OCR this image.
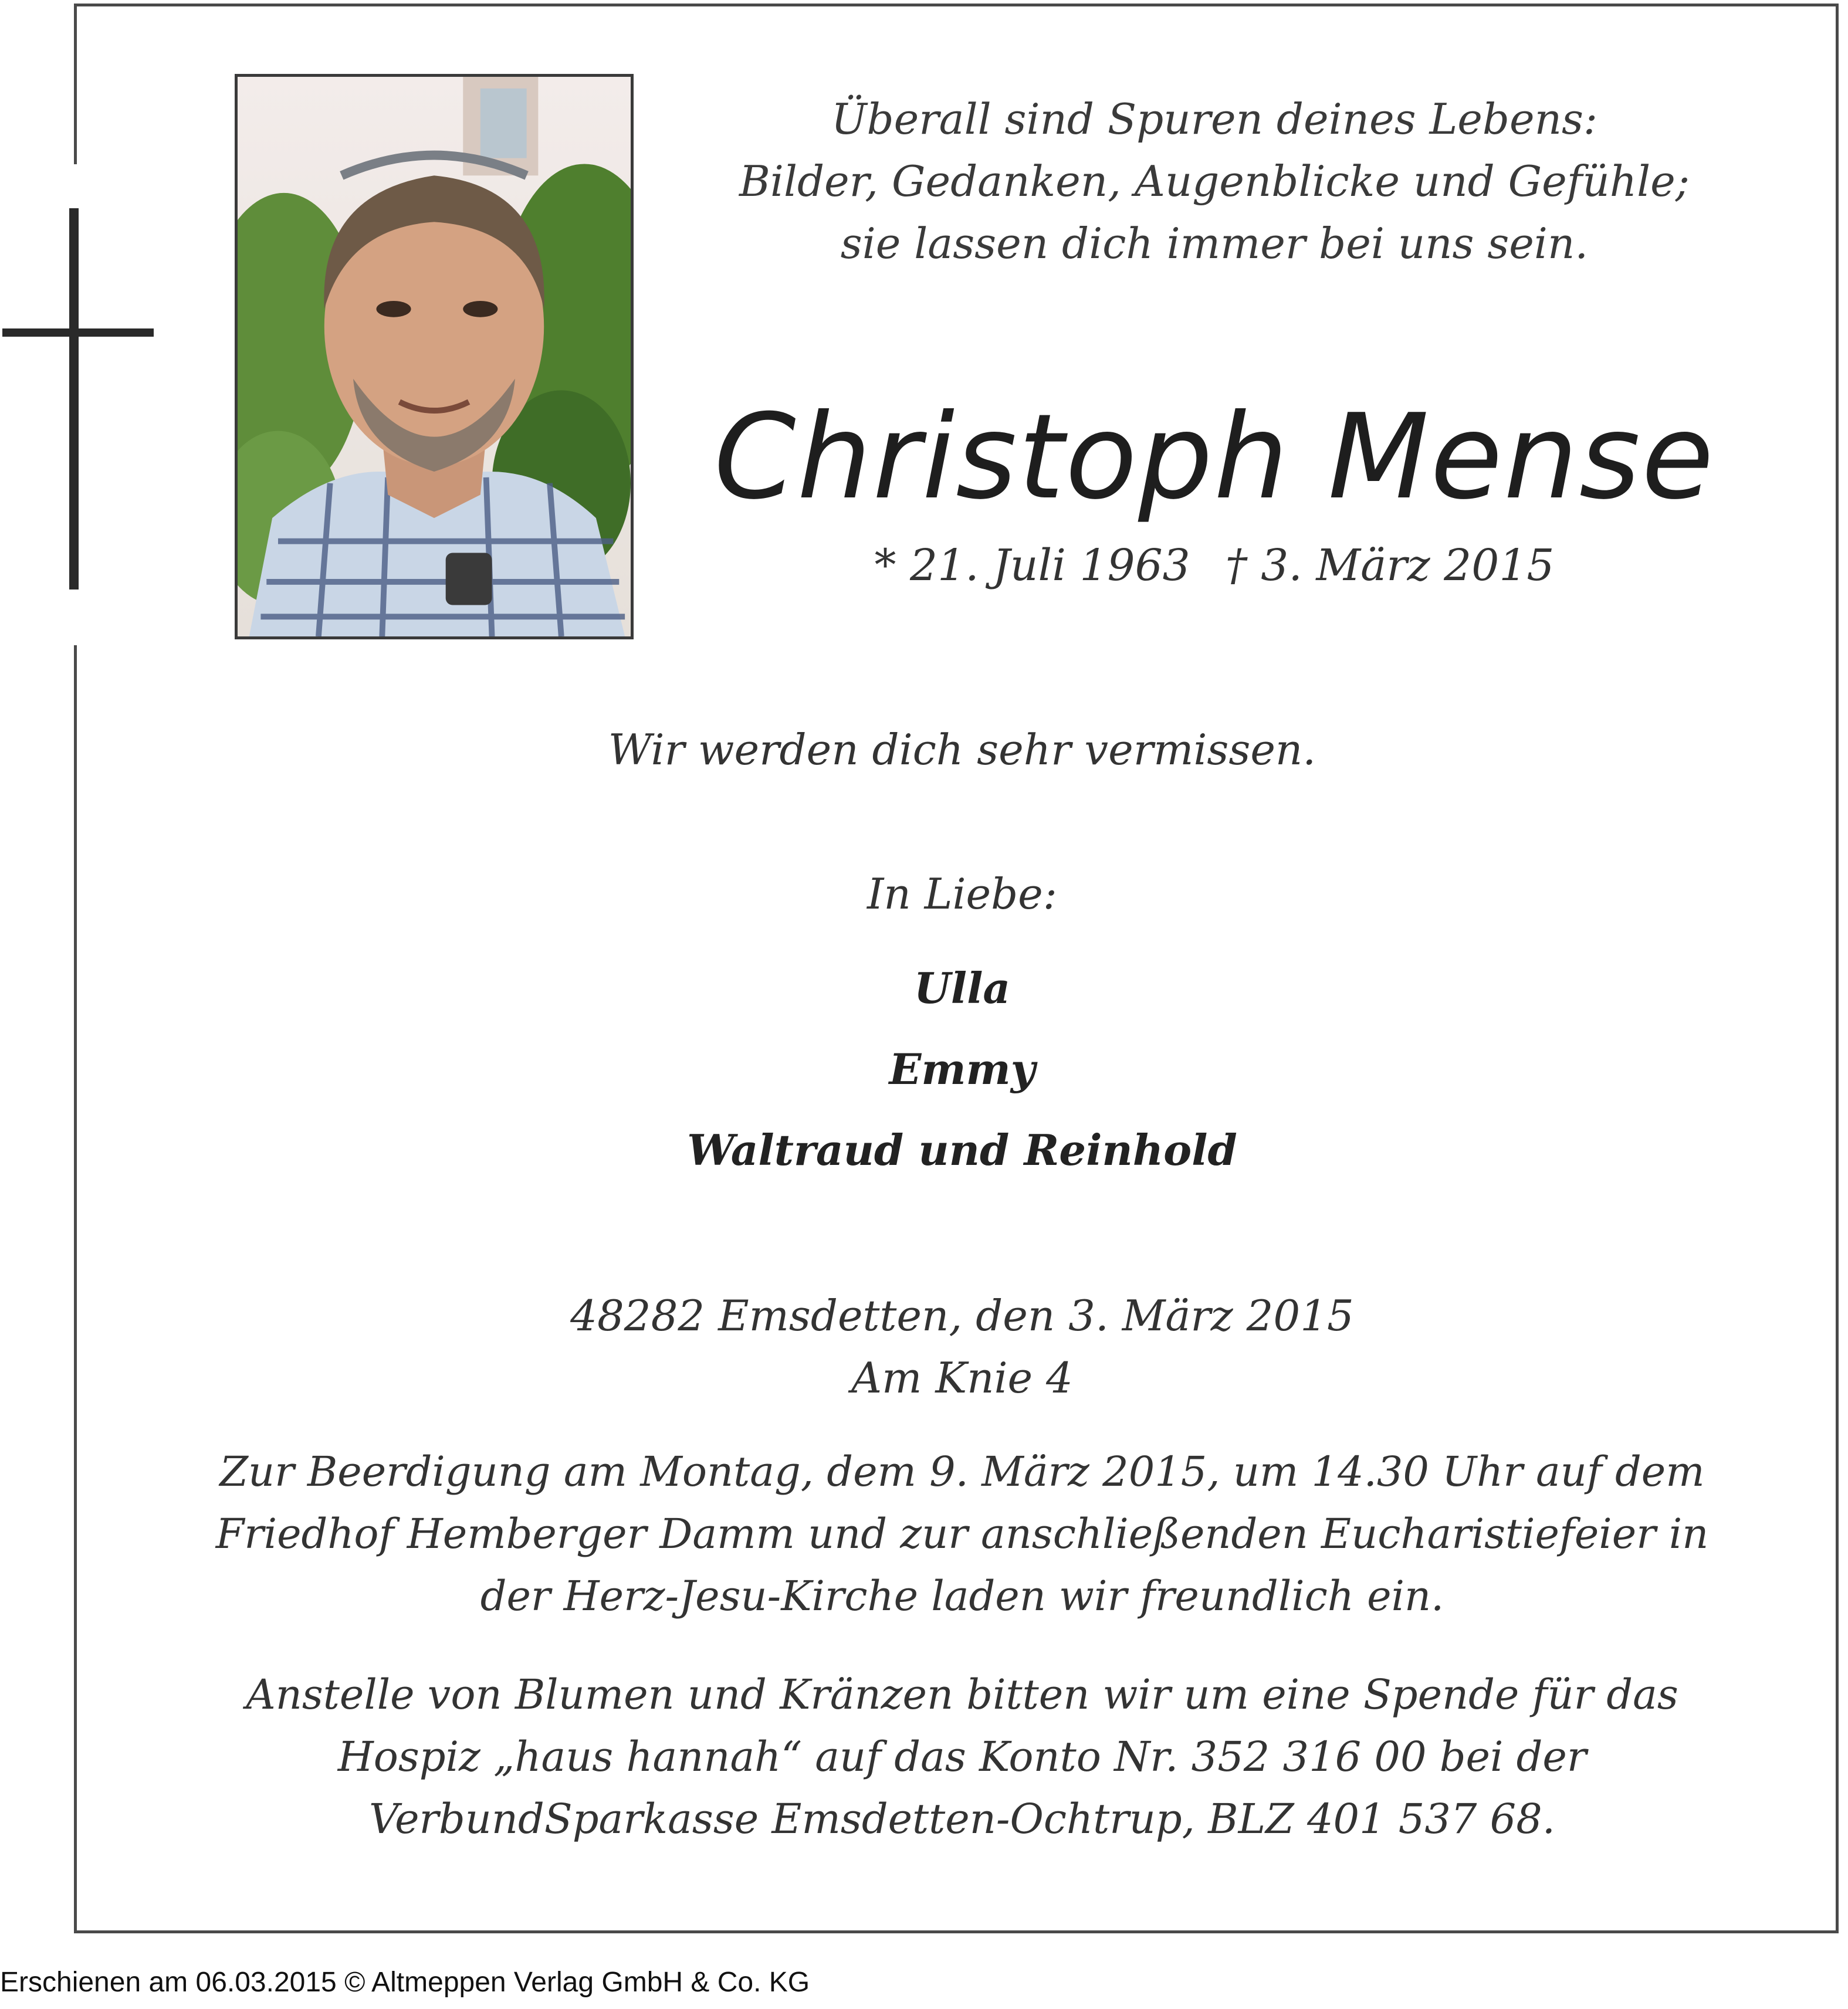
Überall sind Spuren deines Lebens:
Bilder, Gedanken, Augenblicke und Gefühle;
sie lassen dich immer bei uns sein.
Christoph Mense
* 21. Juli 1963 † 3. März 2015
Wir werden dich sehr vermissen.
In Liebe:
Ulla
Emmy
Waltraud und Reinhold
48282 Emsdetten, den 3. März 2015
Am Knie 4
Zur Beerdigung am Montag, dem 9. März 2015, um 14.30 Uhr auf dem
Friedhof Hemberger Damm und zur anschließenden Eucharistiefeier in
der Herz-Jesu-Kirche laden wir freundlich ein.
Anstelle von Blumen und Kränzen bitten wir um eine Spende für das
Hospiz „haus hannah“ auf das Konto Nr. 352 316 00 bei der
VerbundSparkasse Emsdetten-Ochtrup, BLZ 401 537 68.
Erschienen am 06.03.2015 © Altmeppen Verlag GmbH & Co. KG
